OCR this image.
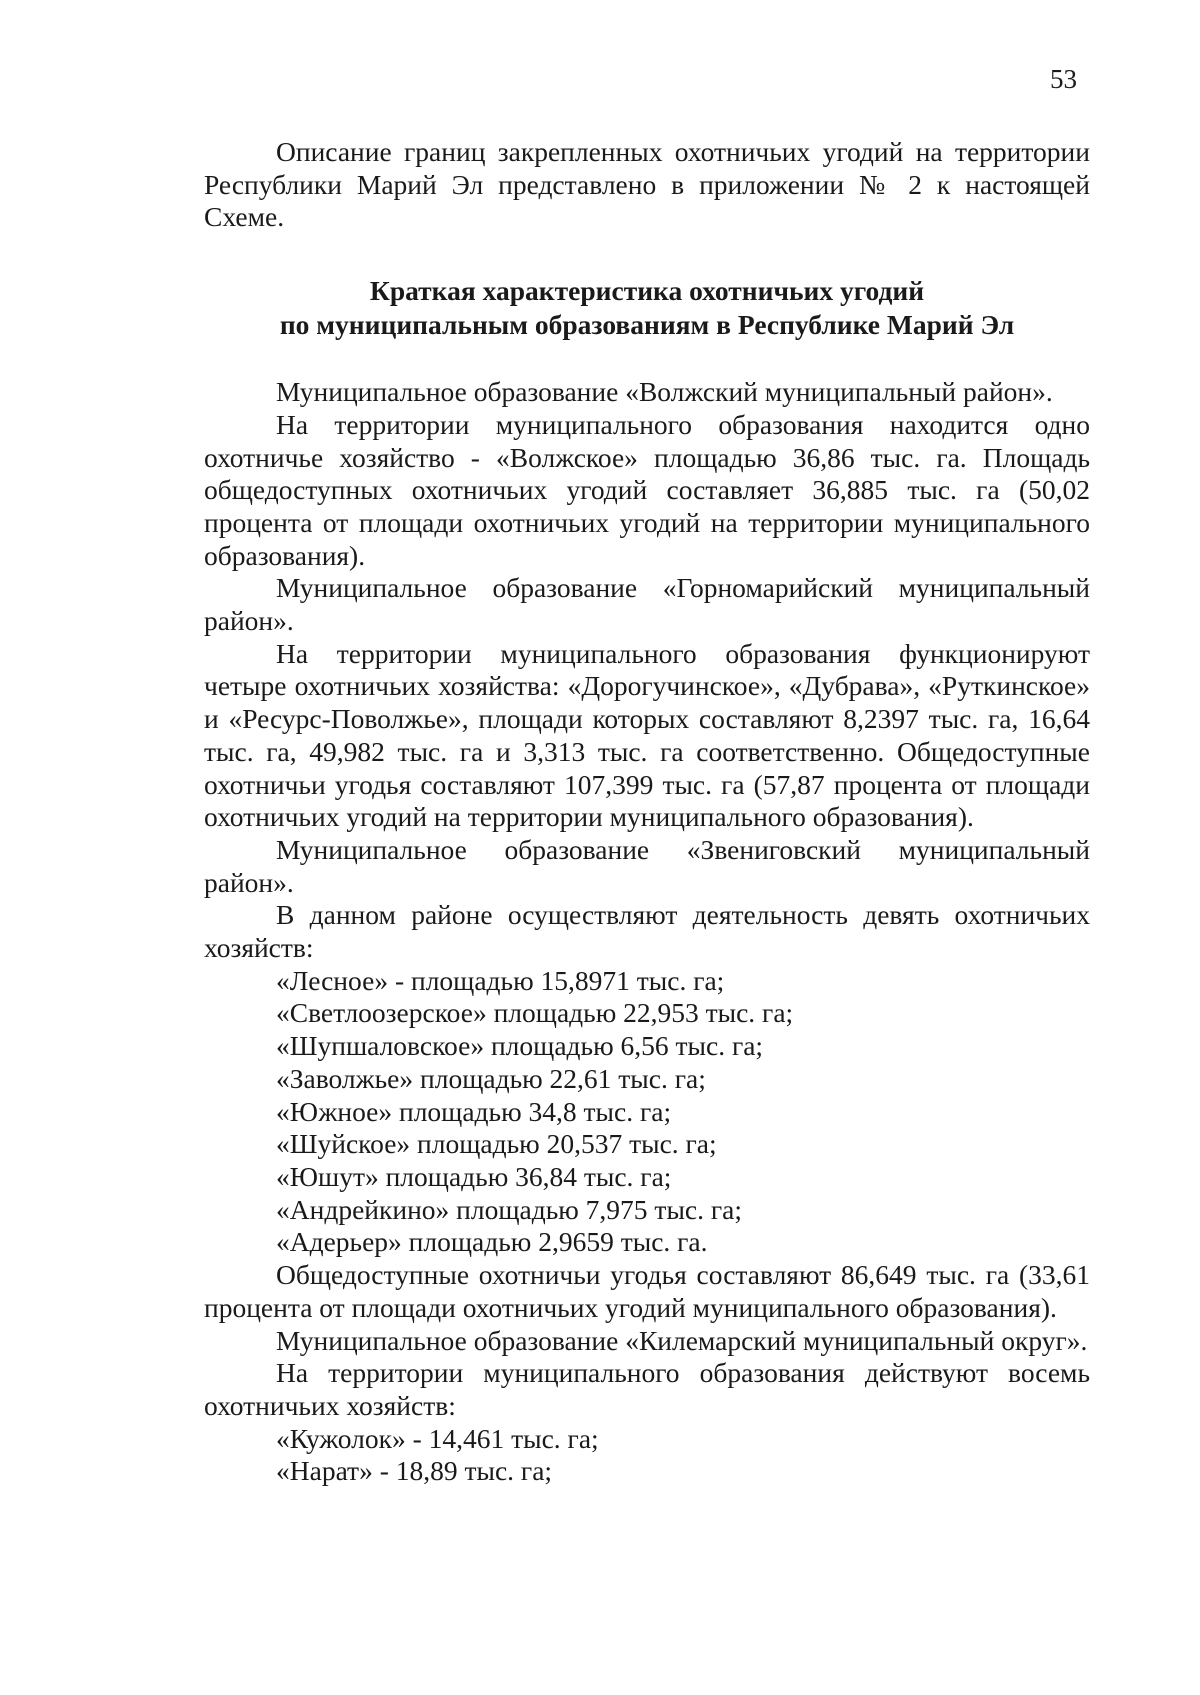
53

Описание границ закрепленных охотничьих угодий на территории Республики Марий Эл представлено в приложении № 2 к настоящей Схеме.

Краткая характеристика охотничьих угодий
по муниципальным образованиям в Республике Марий Эл

Муниципальное образование «Волжский муниципальный район».

На территории муниципального образования находится одно охотничье хозяйство - «Волжское» площадью 36,86 тыс. га. Площадь общедоступных охотничьих угодий составляет 36,885 тыс. га (50,02 процента от площади охотничьих угодий на территории муниципального образования).

Муниципальное образование «Горномарийский муниципальный район».

На территории муниципального образования функционируют четыре охотничьих хозяйства: «Дорогучинское», «Дубрава», «Руткинское» и «Ресурс-Поволжье», площади которых составляют 8,2397 тыс. га, 16,64 тыс. га, 49,982 тыс. га и 3,313 тыс. га соответственно. Общедоступные охотничьи угодья составляют 107,399 тыс. га (57,87 процента от площади охотничьих угодий на территории муниципального образования).

Муниципальное образование «Звениговский муниципальный район».

В данном районе осуществляют деятельность девять охотничьих хозяйств:

«Лесное» - площадью 15,8971 тыс. га;

«Светлоозерское» площадью 22,953 тыс. га;

«Шупшаловское» площадью 6,56 тыс. га;

«Заволжье» площадью 22,61 тыс. га;

«Южное» площадью 34,8 тыс. га;

«Шуйское» площадью 20,537 тыс. га;

«Юшут» площадью 36,84 тыс. га;

«Андрейкино» площадью 7,975 тыс. га;

«Адерьер» площадью 2,9659 тыс. га.

Общедоступные охотничьи угодья составляют 86,649 тыс. га (33,61 процента от площади охотничьих угодий муниципального образования).

Муниципальное образование «Килемарский муниципальный округ».

На территории муниципального образования действуют восемь охотничьих хозяйств:

«Кужолок» - 14,461 тыс. га;

«Нарат» - 18,89 тыс. га;
